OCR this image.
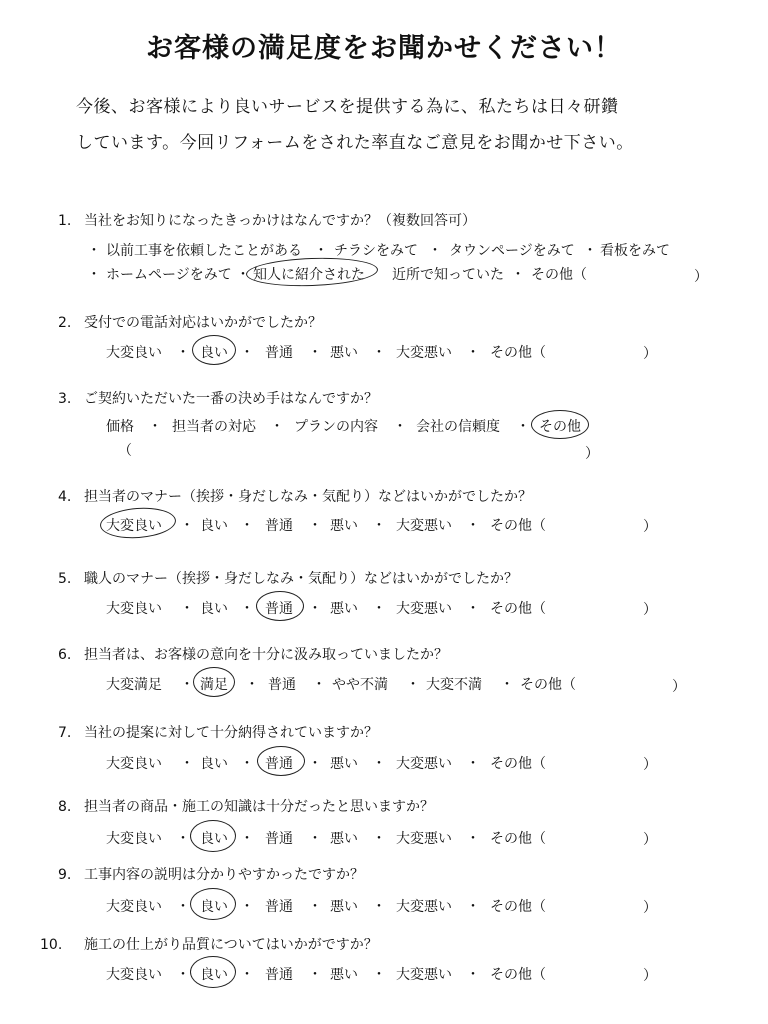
お客様の満足度をお聞かせください！
今後、お客様により良いサービスを提供する為に、私たちは日々研鑽
しています。今回リフォームをされた率直なご意見をお聞かせ下さい。
1. 当社をお知りになったきっかけはなんですか？（複数回答可）
・ 以前工事を依頼したことがある ・ チラシをみて ・ タウンページをみて ・ 看板をみて
・ ホームページをみて ・ 知人に紹介された 近所で知っていた ・ その他（	）
2. 受付での電話対応はいかがでしたか？
大変良い ・ 良い ・ 普通 ・ 悪い ・ 大変悪い ・ その他（	）
3. ご契約いただいた一番の決め手はなんですか？
価格 ・ 担当者の対応 ・ プランの内容 ・ 会社の信頼度 ・ その他
（	）
4. 担当者のマナー（挨拶・身だしなみ・気配り）などはいかがでしたか？
大変良い ・ 良い ・ 普通 ・ 悪い ・ 大変悪い ・ その他（	）
5. 職人のマナー（挨拶・身だしなみ・気配り）などはいかがでしたか？
大変良い ・ 良い ・ 普通 ・ 悪い ・ 大変悪い ・ その他（	）
6. 担当者は、お客様の意向を十分に汲み取っていましたか？
大変満足 ・ 満足 ・ 普通 ・ やや不満 ・ 大変不満 ・ その他（	）
7. 当社の提案に対して十分納得されていますか？
大変良い ・ 良い ・ 普通 ・ 悪い ・ 大変悪い ・ その他（	）
8. 担当者の商品・施工の知識は十分だったと思いますか？
大変良い ・ 良い ・ 普通 ・ 悪い ・ 大変悪い ・ その他（	）
9. 工事内容の説明は分かりやすかったですか？
大変良い ・ 良い ・ 普通 ・ 悪い ・ 大変悪い ・ その他（	）
10. 施工の仕上がり品質についてはいかがですか？
大変良い ・ 良い ・ 普通 ・ 悪い ・ 大変悪い ・ その他（	）
